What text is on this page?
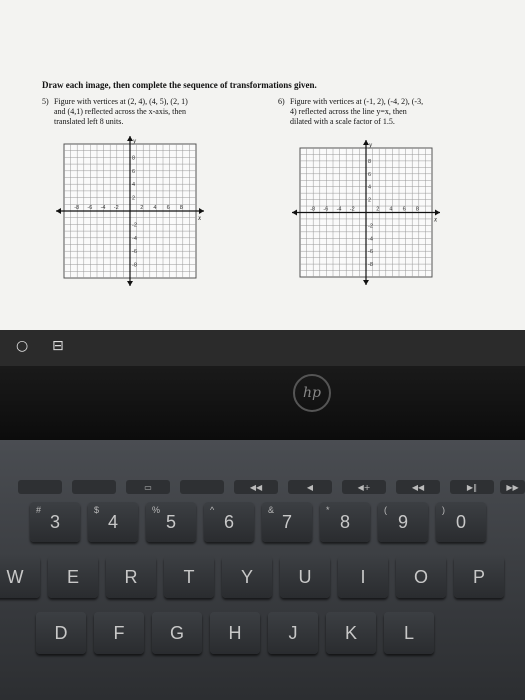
Draw each image, then complete the sequence of transformations given.
5) Figure with vertices at (2, 4), (4, 5), (2, 1)
and (4,1) reflected across the x-axis, then
translated left 8 units.
6) Figure with vertices at (-1, 2), (-4, 2), (-3,
4) reflected across the line y=x, then
dilated with a scale factor of 1.5.
x
y
-8 -6 -4 -2	2 4 6 8
8
6
4
2
-2
-4
-6
-8
x
y
-8 -6 -4 -2	2 4 6 8
8
6
4
2
-2
-4
-6
-8
○ ⊟
hp
▭	◀◀	◀	◀+	◀◀	▶‖	▶▶
3
#
4
$
5
%
6
^
7
&
8
*
9
(
0
)
W E	R	T	Y	U	I	O P
D	F	G H	J	K	L
